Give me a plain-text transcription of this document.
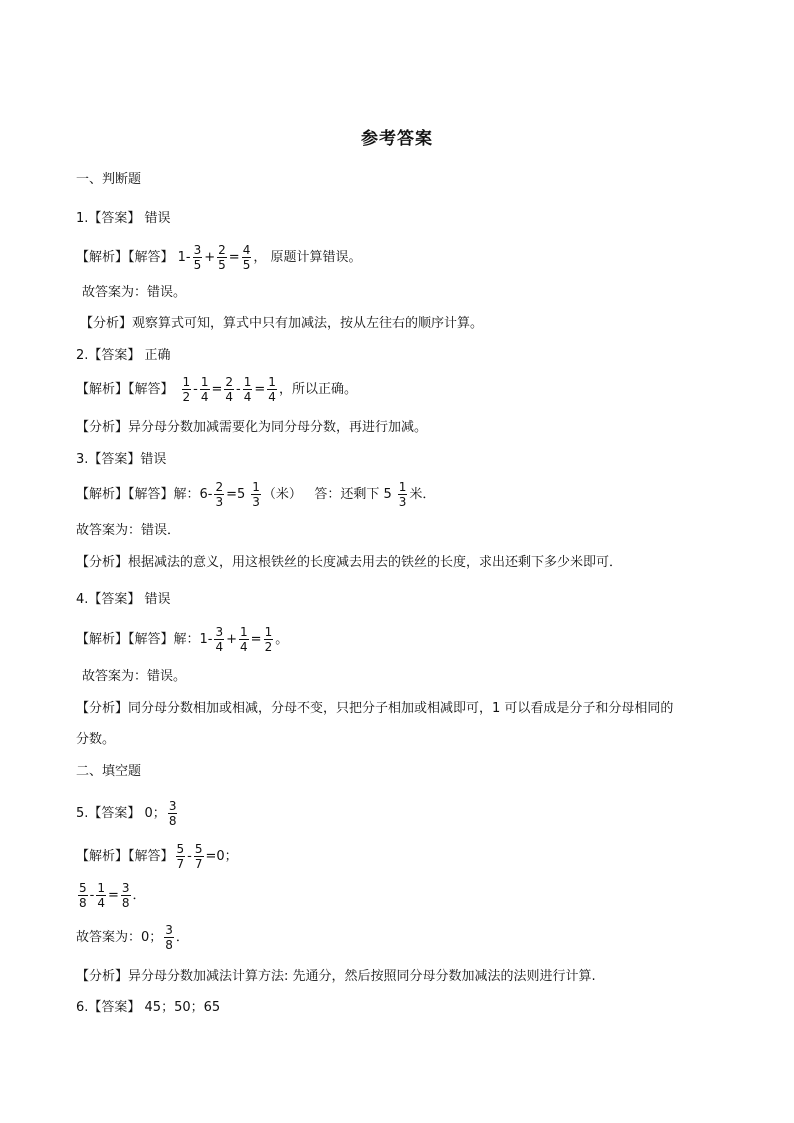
参考答案
一、判断题
1.【答案】 错误
【解析】【解答】 $1- \frac{3}{5} + \frac{2}{5} = \frac{4}{5}$ ， 原题计算错误。
故答案为：错误。
【分析】观察算式可知，算式中只有加减法，按从左往右的顺序计算。
2.【答案】 正确
【解析】【解答】 $\frac{1}{2} - \frac{1}{4} = \frac{2}{4} - \frac{1}{4} = \frac{1}{4}$ ，所以正确。
【分析】异分母分数加减需要化为同分母分数，再进行加减。
3.【答案】错误
【解析】【解答】解：$6- \frac{2}{3} =5 \frac{1}{3}$ （米）   答：还剩下 $5 \frac{1}{3}$ 米．
故答案为：错误．
【分析】根据减法的意义，用这根铁丝的长度减去用去的铁丝的长度，求出还剩下多少米即可．
4.【答案】 错误
【解析】【解答】解：$1- \frac{3}{4} + \frac{1}{4} = \frac{1}{2}$ 。
故答案为：错误。
【分析】同分母分数相加或相减，分母不变，只把分子相加或相减即可，1 可以看成是分子和分母相同的
分数。
二、填空题
5.【答案】 0； $\frac{3}{8}$
【解析】【解答】 $\frac{5}{7} - \frac{5}{7} =0$；
$\frac{5}{8} - \frac{1}{4} = \frac{3}{8}$ ．
故答案为：0； $\frac{3}{8}$ ．
【分析】异分母分数加减法计算方法: 先通分，然后按照同分母分数加减法的法则进行计算.
6.【答案】 45；50；65
